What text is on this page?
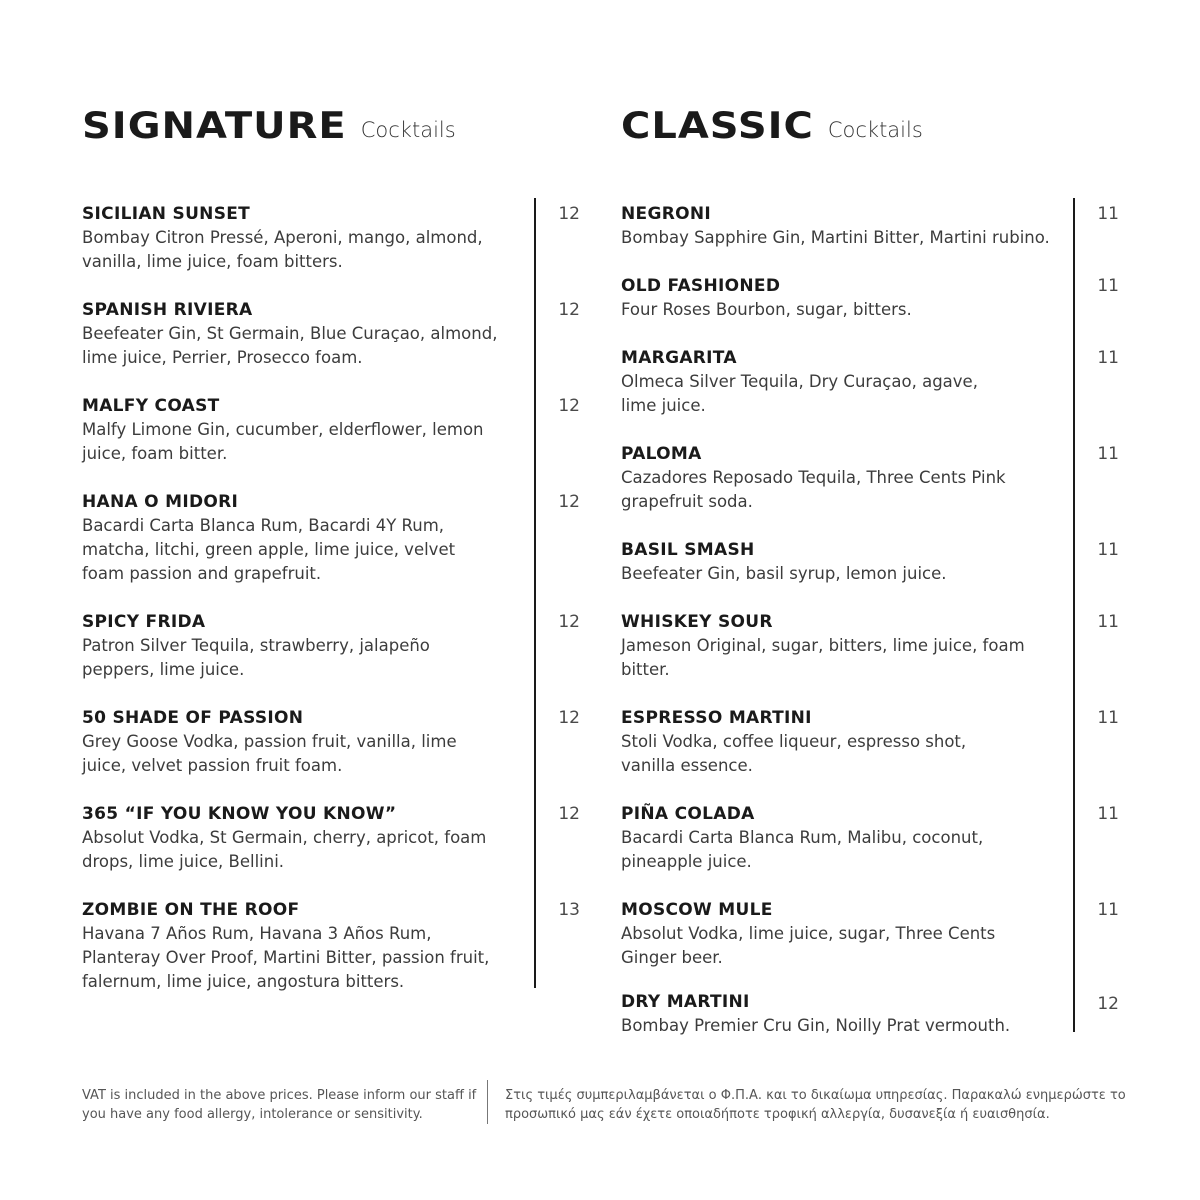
SIGNATURE Cocktails
SICILIAN SUNSET
Bombay Citron Pressé, Aperoni, mango, almond, vanilla, lime juice, foam bitters.
12
SPANISH RIVIERA
Beefeater Gin, St Germain, Blue Curaçao, almond, lime juice, Perrier, Prosecco foam.
12
MALFY COAST
Malfy Limone Gin, cucumber, elderflower, lemon juice, foam bitter.
12
HANA O MIDORI
Bacardi Carta Blanca Rum, Bacardi 4Y Rum, matcha, litchi, green apple, lime juice, velvet foam passion and grapefruit.
12
SPICY FRIDA
Patron Silver Tequila, strawberry, jalapeño peppers, lime juice.
12
50 SHADE OF PASSION
Grey Goose Vodka, passion fruit, vanilla, lime juice, velvet passion fruit foam.
12
365 “IF YOU KNOW YOU KNOW”
Absolut Vodka, St Germain, cherry, apricot, foam drops, lime juice, Bellini.
12
ZOMBIE ON THE ROOF
Havana 7 Años Rum, Havana 3 Años Rum, Planteray Over Proof, Martini Bitter, passion fruit, falernum, lime juice, angostura bitters.
13
CLASSIC Cocktails
NEGRONI
Bombay Sapphire Gin, Martini Bitter, Martini rubino.
11
OLD FASHIONED
Four Roses Bourbon, sugar, bitters.
11
MARGARITA
Olmeca Silver Tequila, Dry Curaçao, agave, lime juice.
11
PALOMA
Cazadores Reposado Tequila, Three Cents Pink grapefruit soda.
11
BASIL SMASH
Beefeater Gin, basil syrup, lemon juice.
11
WHISKEY SOUR
Jameson Original, sugar, bitters, lime juice, foam bitter.
11
ESPRESSO MARTINI
Stoli Vodka, coffee liqueur, espresso shot, vanilla essence.
11
PIÑA COLADA
Bacardi Carta Blanca Rum, Malibu, coconut, pineapple juice.
11
MOSCOW MULE
Absolut Vodka, lime juice, sugar, Three Cents Ginger beer.
11
DRY MARTINI
Bombay Premier Cru Gin, Noilly Prat vermouth.
12
VAT is included in the above prices. Please inform our staff if you have any food allergy, intolerance or sensitivity.
Στις τιμές συμπεριλαμβάνεται ο Φ.Π.Α. και το δικαίωμα υπηρεσίας. Παρακαλώ ενημερώστε το προσωπικό μας εάν έχετε οποιαδήποτε τροφική αλλεργία, δυσανεξία ή ευαισθησία.
